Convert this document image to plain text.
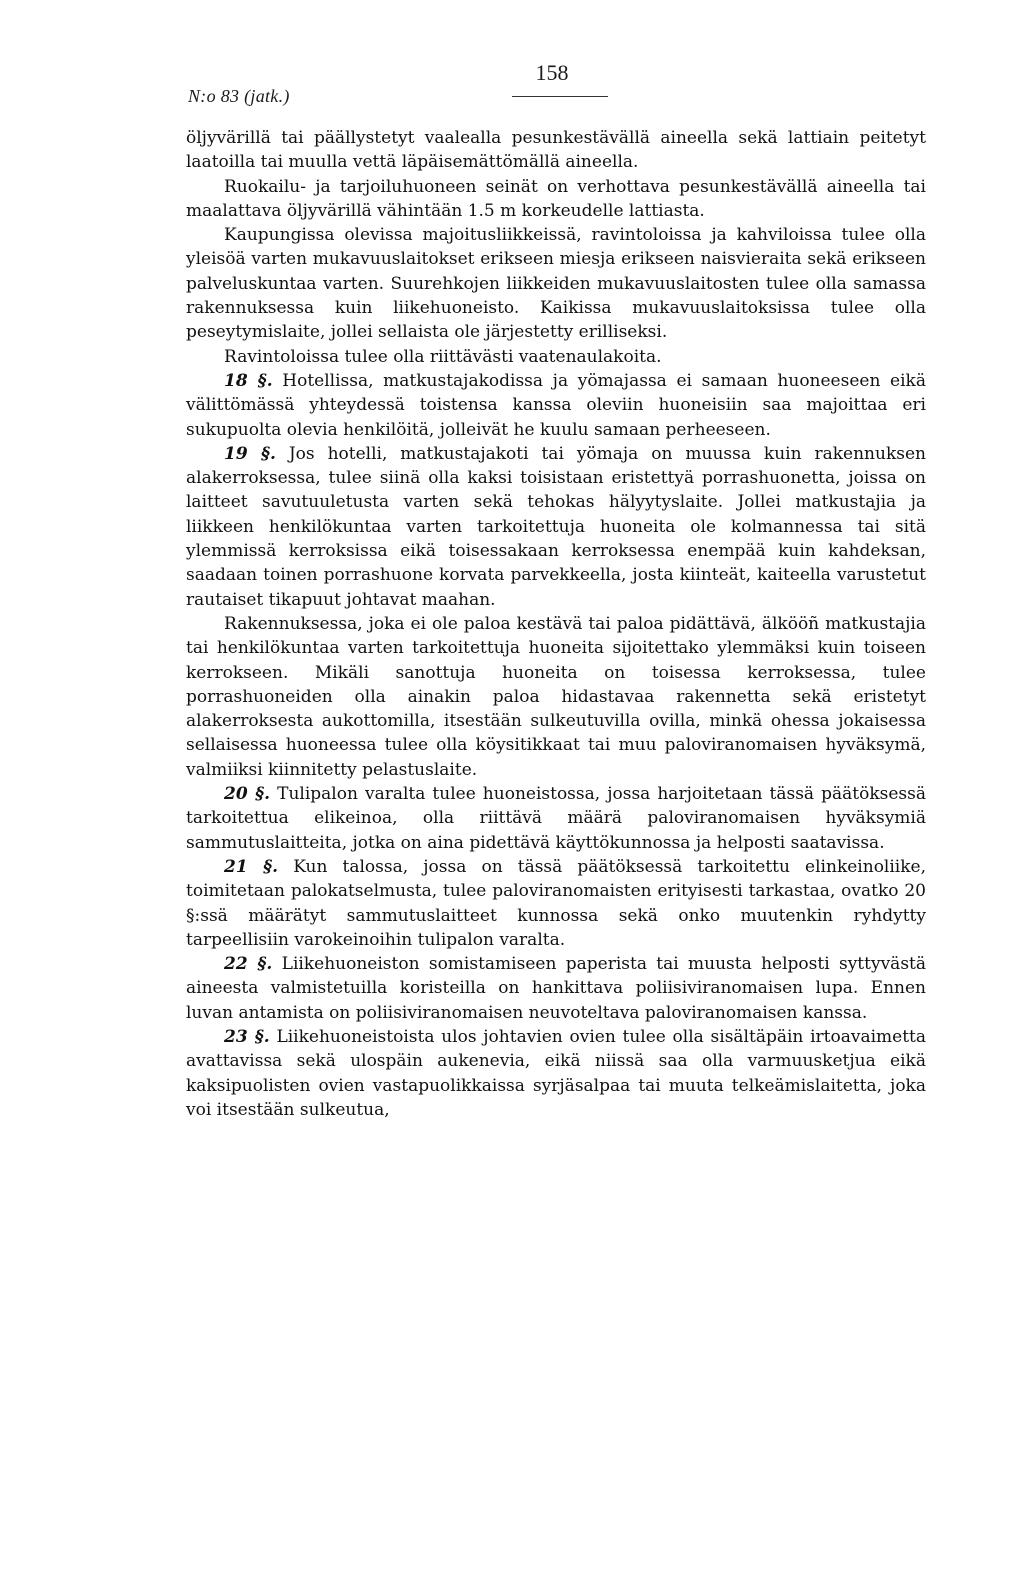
N:o 83 (jatk.)
158

öljyvärillä tai päällystetyt vaalealla pesunkestävällä aineella sekä lattiain peitetyt laatoilla tai muulla vettä läpäisemättömällä aineella.

Ruokailu- ja tarjoiluhuoneen seinät on verhottava pesunkestävällä aineella tai maalattava öljyvärillä vähintään 1.5 m korkeudelle lattiasta.

Kaupungissa olevissa majoitusliikkeissä, ravintoloissa ja kahviloissa tulee olla yleisöä varten mukavuuslaitokset erikseen miesja erikseen naisvieraita sekä erikseen palveluskuntaa varten. Suurehkojen liikkeiden mukavuuslaitosten tulee olla samassa rakennuksessa kuin liikehuoneisto. Kaikissa mukavuuslaitoksissa tulee olla peseytymislaite, jollei sellaista ole järjestetty erilliseksi.

Ravintoloissa tulee olla riittävästi vaatenaulakoita.

18 §. Hotellissa, matkustajakodissa ja yömajassa ei samaan huoneeseen eikä välittömässä yhteydessä toistensa kanssa oleviin huoneisiin saa majoittaa eri sukupuolta olevia henkilöitä, jolleivät he kuulu samaan perheeseen.

19 §. Jos hotelli, matkustajakoti tai yömaja on muussa kuin rakennuksen alakerroksessa, tulee siinä olla kaksi toisistaan eristettyä porrashuonetta, joissa on laitteet savutuuletusta varten sekä tehokas hälyytyslaite. Jollei matkustajia ja liikkeen henkilökuntaa varten tarkoitettuja huoneita ole kolmannessa tai sitä ylemmissä kerroksissa eikä toisessakaan kerroksessa enempää kuin kahdeksan, saadaan toinen porrashuone korvata parvekkeella, josta kiinteät, kaiteella varustetut rautaiset tikapuut johtavat maahan.

Rakennuksessa, joka ei ole paloa kestävä tai paloa pidättävä, älkööñ matkustajia tai henkilökuntaa varten tarkoitettuja huoneita sijoitettako ylemmäksi kuin toiseen kerrokseen. Mikäli sanottuja huoneita on toisessa kerroksessa, tulee porrashuoneiden olla ainakin paloa hidastavaa rakennetta sekä eristetyt alakerroksesta aukottomilla, itsestään sulkeutuvilla ovilla, minkä ohessa jokaisessa sellaisessa huoneessa tulee olla köysitikkaat tai muu paloviranomaisen hyväksymä, valmiiksi kiinnitetty pelastuslaite.

20 §. Tulipalon varalta tulee huoneistossa, jossa harjoitetaan tässä päätöksessä tarkoitettua elikeinoa, olla riittävä määrä paloviranomaisen hyväksymiä sammutuslaitteita, jotka on aina pidettävä käyttökunnossa ja helposti saatavissa.

21 §. Kun talossa, jossa on tässä päätöksessä tarkoitettu elinkeinoliike, toimitetaan palokatselmusta, tulee paloviranomaisten erityisesti tarkastaa, ovatko 20 §:ssä määrätyt sammutuslaitteet kunnossa sekä onko muutenkin ryhdytty tarpeellisiin varokeinoihin tulipalon varalta.

22 §. Liikehuoneiston somistamiseen paperista tai muusta helposti syttyvästä aineesta valmistetuilla koristeilla on hankittava poliisiviranomaisen lupa. Ennen luvan antamista on poliisiviranomaisen neuvoteltava paloviranomaisen kanssa.

23 §. Liikehuoneistoista ulos johtavien ovien tulee olla sisältäpäin irtoavaimetta avattavissa sekä ulospäin aukenevia, eikä niissä saa olla varmuusketjua eikä kaksipuolisten ovien vastapuolikkaissa syrjäsalpaa tai muuta telkeämislaitetta, joka voi itsestään sulkeutua,
